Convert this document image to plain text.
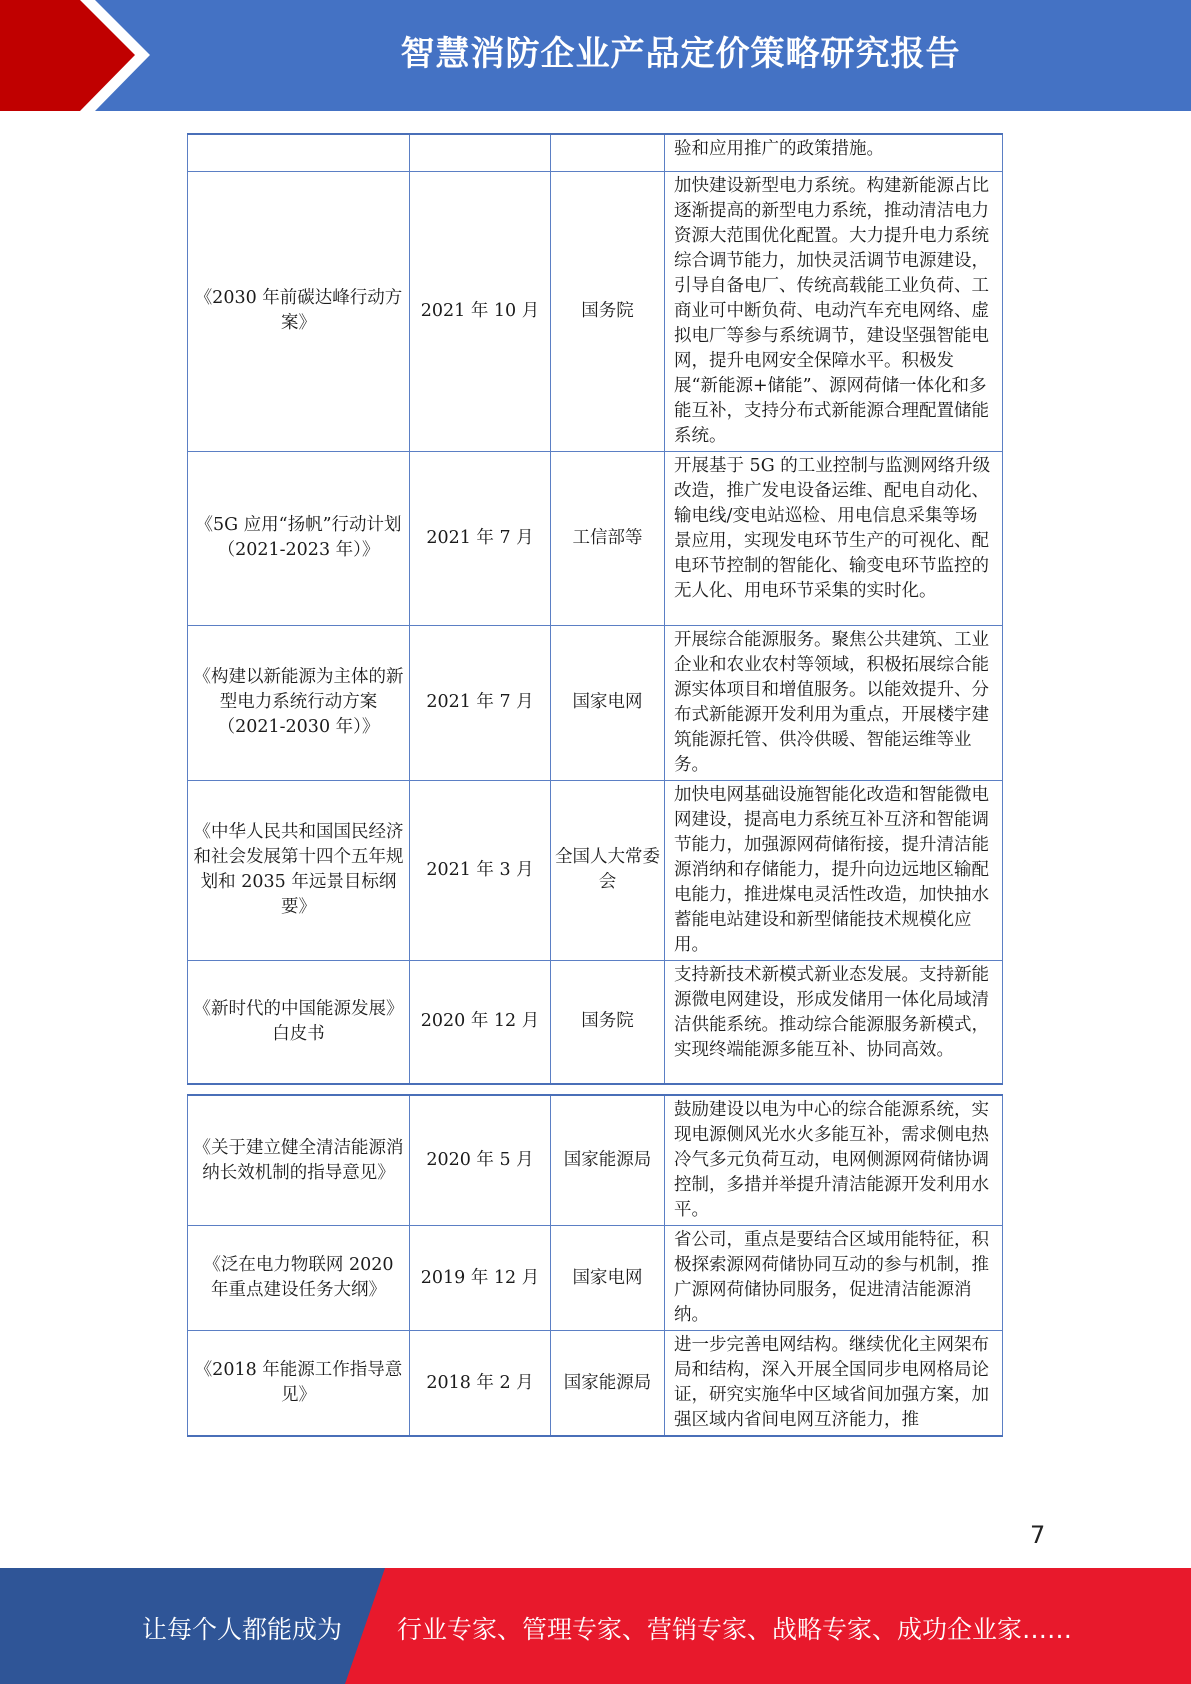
智慧消防企业产品定价策略研究报告
			验和应用推广的政策措施。
《2030 年前碳达峰行动方案》	2021 年 10 月	国务院	加快建设新型电力系统。构建新能源占比逐渐提高的新型电力系统，推动清洁电力资源大范围优化配置。大力提升电力系统综合调节能力，加快灵活调节电源建设，引导自备电厂、传统高载能工业负荷、工商业可中断负荷、电动汽车充电网络、虚拟电厂等参与系统调节，建设坚强智能电网，提升电网安全保障水平。积极发展“新能源+储能”、源网荷储一体化和多能互补，支持分布式新能源合理配置储能系统。
《5G 应用“扬帆”行动计划（2021-2023 年）》	2021 年 7 月	工信部等	开展基于 5G 的工业控制与监测网络升级改造，推广发电设备运维、配电自动化、输电线/变电站巡检、用电信息采集等场景应用，实现发电环节生产的可视化、配电环节控制的智能化、输变电环节监控的无人化、用电环节采集的实时化。
《构建以新能源为主体的新型电力系统行动方案（2021-2030 年）》	2021 年 7 月	国家电网	开展综合能源服务。聚焦公共建筑、工业企业和农业农村等领域，积极拓展综合能源实体项目和增值服务。以能效提升、分布式新能源开发利用为重点，开展楼宇建筑能源托管、供冷供暖、智能运维等业务。
《中华人民共和国国民经济和社会发展第十四个五年规划和 2035 年远景目标纲要》	2021 年 3 月	全国人大常委会	加快电网基础设施智能化改造和智能微电网建设，提高电力系统互补互济和智能调节能力，加强源网荷储衔接，提升清洁能源消纳和存储能力，提升向边远地区输配电能力，推进煤电灵活性改造，加快抽水蓄能电站建设和新型储能技术规模化应用。
《新时代的中国能源发展》白皮书	2020 年 12 月	国务院	支持新技术新模式新业态发展。支持新能源微电网建设，形成发储用一体化局域清洁供能系统。推动综合能源服务新模式，实现终端能源多能互补、协同高效。
《关于建立健全清洁能源消纳长效机制的指导意见》	2020 年 5 月	国家能源局	鼓励建设以电为中心的综合能源系统，实现电源侧风光水火多能互补，需求侧电热冷气多元负荷互动，电网侧源网荷储协调控制，多措并举提升清洁能源开发利用水平。
《泛在电力物联网 2020 年重点建设任务大纲》	2019 年 12 月	国家电网	省公司，重点是要结合区域用能特征，积极探索源网荷储协同互动的参与机制，推广源网荷储协同服务，促进清洁能源消纳。
《2018 年能源工作指导意见》	2018 年 2 月	国家能源局	进一步完善电网结构。继续优化主网架布局和结构，深入开展全国同步电网格局论证，研究实施华中区域省间加强方案，加强区域内省间电网互济能力，推
7
让每个人都能成为 行业专家、管理专家、营销专家、战略专家、成功企业家……
